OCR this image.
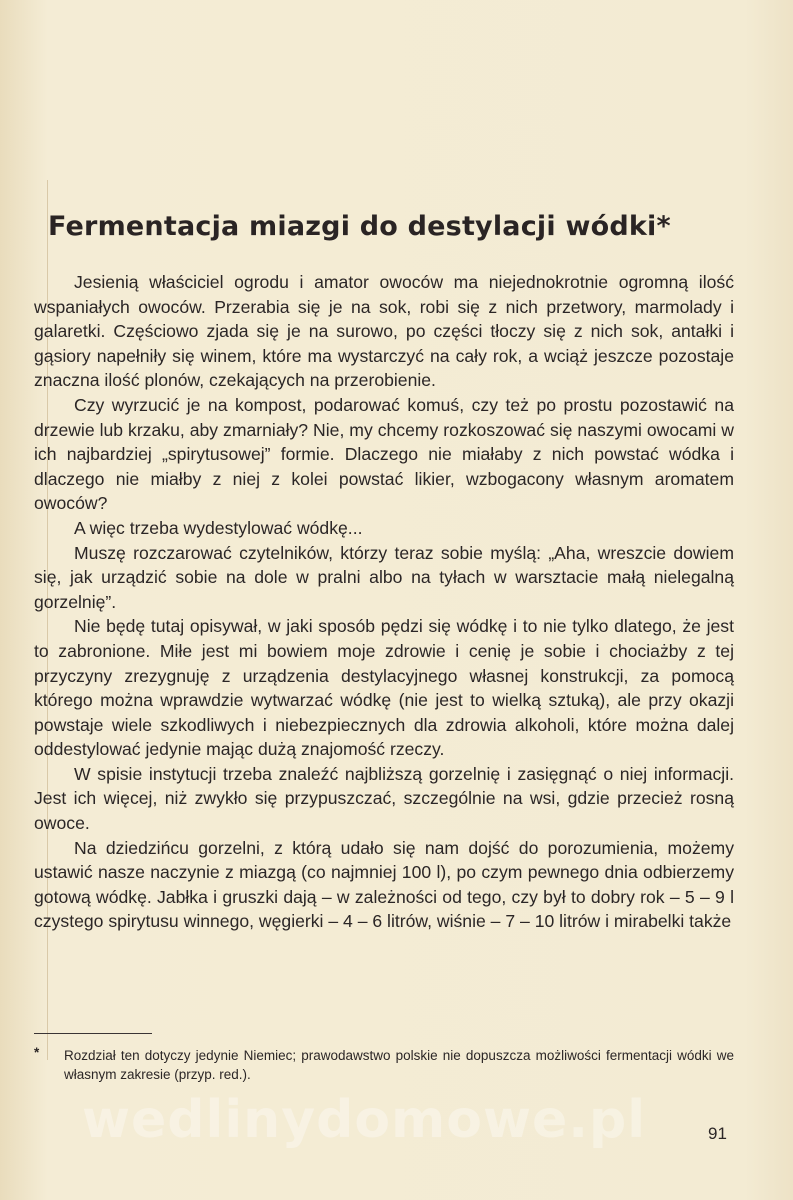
Fermentacja miazgi do destylacji wódki*

Jesienią właściciel ogrodu i amator owoców ma niejednokrotnie ogromną ilość wspaniałych owoców. Przerabia się je na sok, robi się z nich przetwory, marmolady i galaretki. Częściowo zjada się je na surowo, po części tłoczy się z nich sok, antałki i gąsiory napełniły się winem, które ma wystarczyć na cały rok, a wciąż jeszcze pozostaje znaczna ilość plonów, czekających na przerobienie.

Czy wyrzucić je na kompost, podarować komuś, czy też po prostu pozostawić na drzewie lub krzaku, aby zmarniały? Nie, my chcemy rozkoszować się naszymi owocami w ich najbardziej „spirytusowej” formie. Dlaczego nie miałaby z nich powstać wódka i dlaczego nie miałby z niej z kolei powstać likier, wzbogacony własnym aromatem owoców?

A więc trzeba wydestylować wódkę...

Muszę rozczarować czytelników, którzy teraz sobie myślą: „Aha, wreszcie dowiem się, jak urządzić sobie na dole w pralni albo na tyłach w warsztacie małą nielegalną gorzelnię”.

Nie będę tutaj opisywał, w jaki sposób pędzi się wódkę i to nie tylko dlatego, że jest to zabronione. Miłe jest mi bowiem moje zdrowie i cenię je sobie i chociażby z tej przyczyny zrezygnuję z urządzenia destylacyjnego własnej konstrukcji, za pomocą którego można wprawdzie wytwarzać wódkę (nie jest to wielką sztuką), ale przy okazji powstaje wiele szkodliwych i niebezpiecznych dla zdrowia alkoholi, które można dalej oddestylować jedynie mając dużą znajomość rzeczy.

W spisie instytucji trzeba znaleźć najbliższą gorzelnię i zasięgnąć o niej informacji. Jest ich więcej, niż zwykło się przypuszczać, szczególnie na wsi, gdzie przecież rosną owoce.

Na dziedzińcu gorzelni, z którą udało się nam dojść do porozumienia, możemy ustawić nasze naczynie z miazgą (co najmniej 100 l), po czym pewnego dnia odbierzemy gotową wódkę. Jabłka i gruszki dają – w zależności od tego, czy był to dobry rok – 5 – 9 l czystego spirytusu winnego, węgierki – 4 – 6 litrów, wiśnie – 7 – 10 litrów i mirabelki także

*	Rozdział ten dotyczy jedynie Niemiec; prawodawstwo polskie nie dopuszcza możliwości fermentacji wódki we własnym zakresie (przyp. red.).
wedlinydomowe.pl	91
